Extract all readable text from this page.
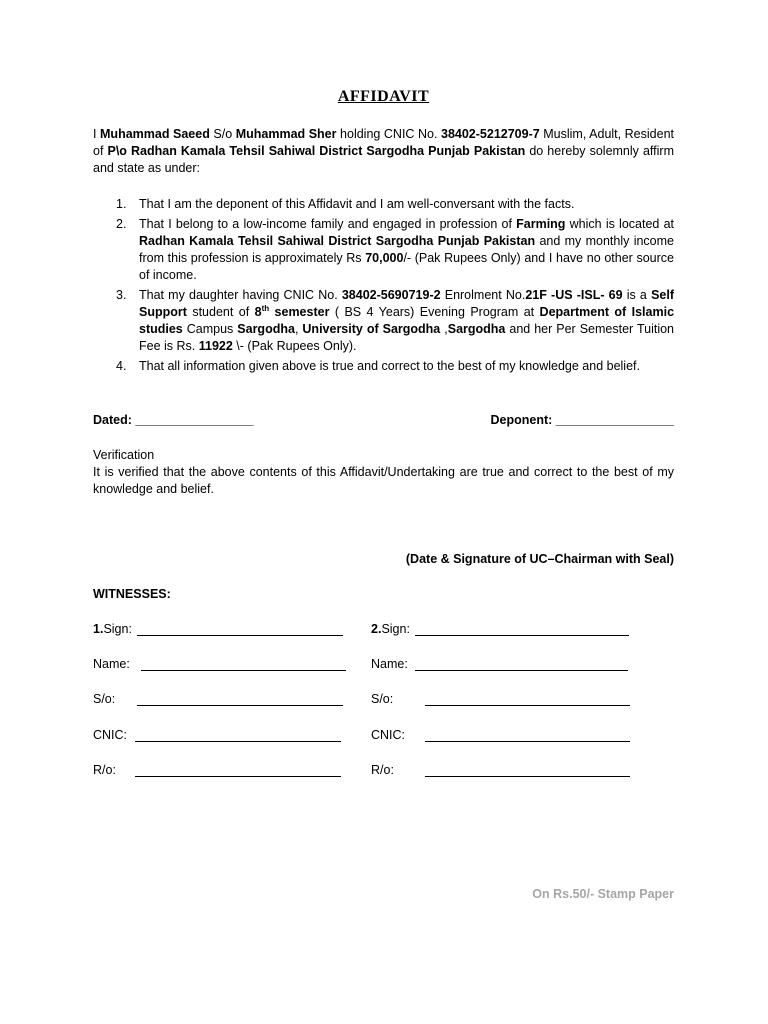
AFFIDAVIT
I Muhammad Saeed S/o Muhammad Sher holding CNIC No. 38402-5212709-7 Muslim, Adult, Resident of P\o Radhan Kamala Tehsil Sahiwal District Sargodha Punjab Pakistan do hereby solemnly affirm and state as under:
1. That I am the deponent of this Affidavit and I am well-conversant with the facts.
2. That I belong to a low-income family and engaged in profession of Farming which is located at Radhan Kamala Tehsil Sahiwal District Sargodha Punjab Pakistan and my monthly income from this profession is approximately Rs 70,000/- (Pak Rupees Only) and I have no other source of income.
3. That my daughter having CNIC No. 38402-5690719-2 Enrolment No.21F -US -ISL- 69 is a Self Support student of 8th semester ( BS 4 Years) Evening Program at Department of Islamic studies Campus Sargodha, University of Sargodha ,Sargodha and her Per Semester Tuition Fee is Rs. 11922 \- (Pak Rupees Only).
4. That all information given above is true and correct to the best of my knowledge and belief.
Dated: _________________	Deponent: _________________
Verification
It is verified that the above contents of this Affidavit/Undertaking are true and correct to the best of my knowledge and belief.
(Date & Signature of UC–Chairman with Seal)
WITNESSES:
1.Sign:	2.Sign:
Name:	Name:
S/o:	S/o:
CNIC:	CNIC:
R/o:	R/o:
On Rs.50/- Stamp Paper
